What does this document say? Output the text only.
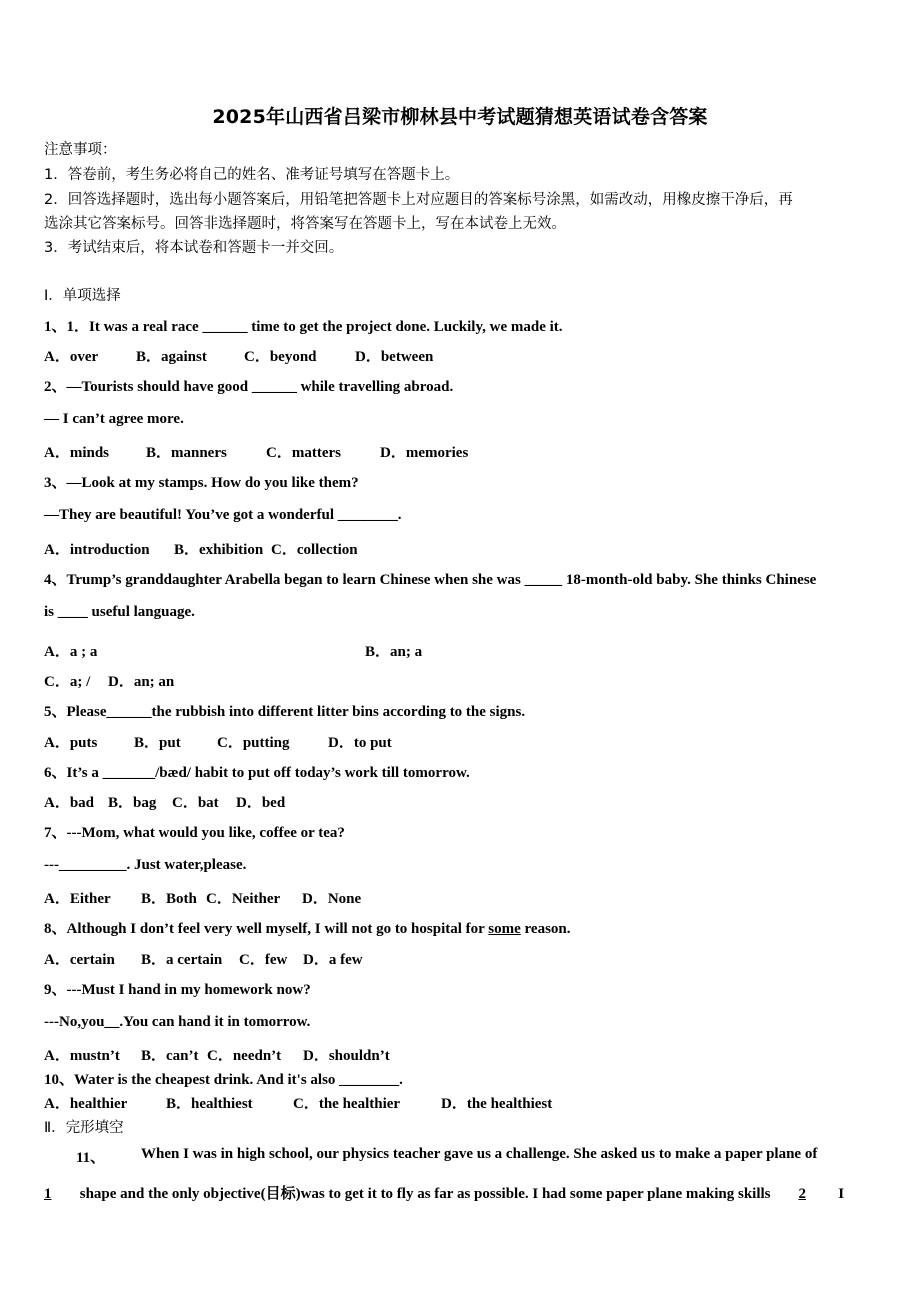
2025年山西省吕梁市柳林县中考试题猜想英语试卷含答案
注意事项：
1．答卷前，考生务必将自己的姓名、准考证号填写在答题卡上。
2．回答选择题时，选出每小题答案后，用铅笔把答题卡上对应题目的答案标号涂黑，如需改动，用橡皮擦干净后，再
选涂其它答案标号。回答非选择题时，将答案写在答题卡上，写在本试卷上无效。
3．考试结束后，将本试卷和答题卡一并交回。
Ⅰ．单项选择
1、1．It was a real race ______ time to get the project done. Luckily, we made it.
A．over	B．against	C．beyond	D．between
2、—Tourists should have good ______ while travelling abroad.
— I can’t agree more.
A．minds	B．manners	C．matters	D．memories
3、—Look at my stamps. How do you like them?
—They are beautiful! You’ve got a wonderful ________.
A．introduction	B．exhibition C．collection
4、Trump’s granddaughter Arabella began to learn Chinese when she was _____ 18-month-old baby. She thinks Chinese
is ____ useful language.
A．a ; a	B．an; a
C．a; /	D．an; an
5、Please______the rubbish into different litter bins according to the signs.
A．puts	B．put	C．putting	D．to put
6、It’s a _______/bæd/ habit to put off today’s work till tomorrow.
A．bad B．bag	C．bat	D．bed
7、---Mom, what would you like, coffee or tea?
---_________. Just water,please.
A．Either	B．Both C．Neither	D．None
8、Although I don’t feel very well myself, I will not go to hospital for some reason.
A．certain	B．a certain	C．few	D．a few
9、---Must I hand in my homework now?
---No,you__.You can hand it in tomorrow.
A．mustn’t	B．can’t C．needn’t	D．shouldn’t
10、Water is the cheapest drink. And it's also ________.
A．healthier	B．healthiest	C．the healthier	D．the healthiest
Ⅱ．完形填空
11、 When I was in high school, our physics teacher gave us a challenge. She asked us to make a paper plane of
1 shape and the only objective(目标)was to get it to fly as far as possible. I had some paper plane making skills 2 I
